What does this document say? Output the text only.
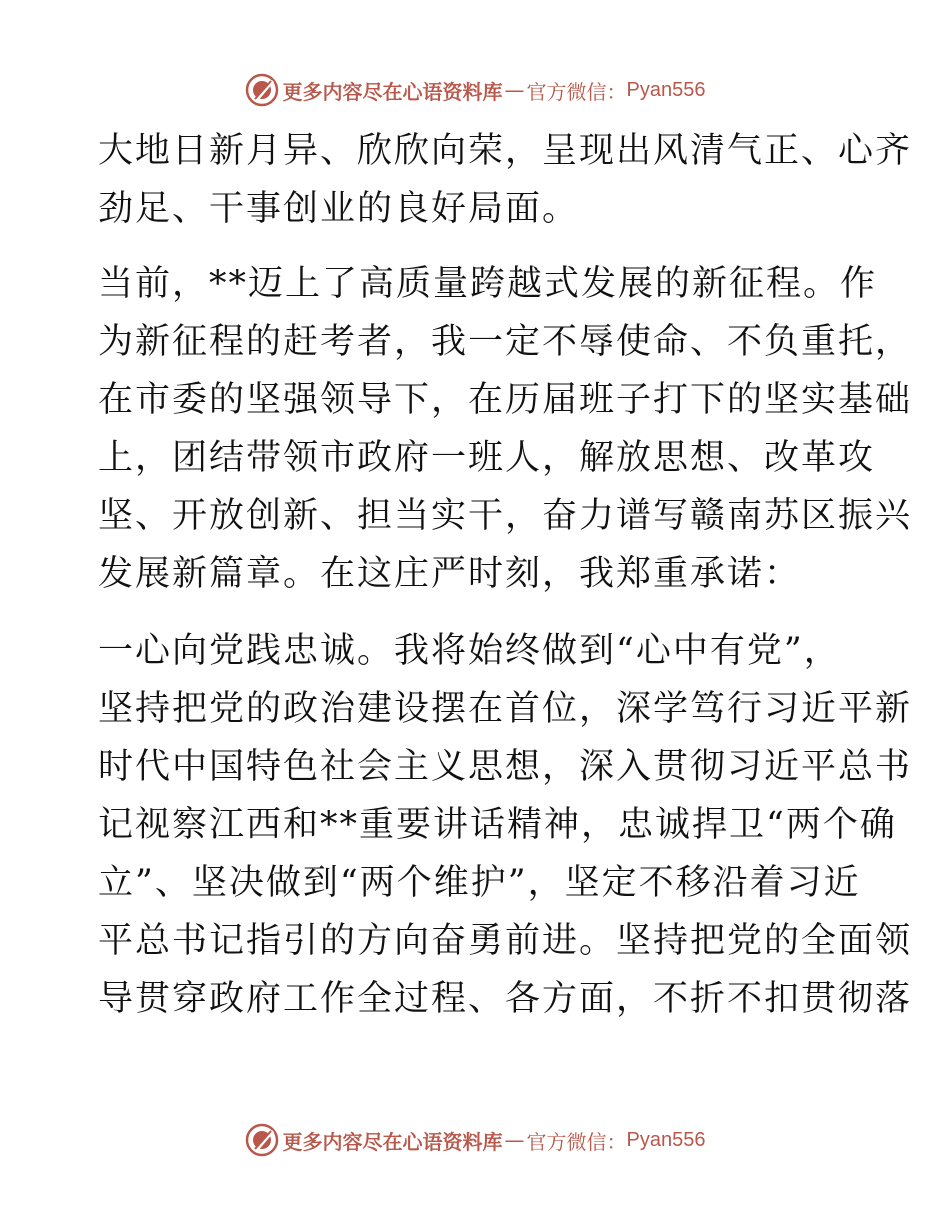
更多内容尽在心语资料库 — 官方微信： Pyan556
大地日新月异、欣欣向荣，呈现出风清气正、心齐
劲足、干事创业的良好局面。
当前，**迈上了高质量跨越式发展的新征程。作
为新征程的赶考者，我一定不辱使命、不负重托，
在市委的坚强领导下，在历届班子打下的坚实基础
上，团结带领市政府一班人，解放思想、改革攻
坚、开放创新、担当实干，奋力谱写赣南苏区振兴
发展新篇章。在这庄严时刻，我郑重承诺：
一心向党践忠诚。我将始终做到“心中有党”，
坚持把党的政治建设摆在首位，深学笃行习近平新
时代中国特色社会主义思想，深入贯彻习近平总书
记视察江西和**重要讲话精神，忠诚捍卫“两个确
立”、坚决做到“两个维护”，坚定不移沿着习近
平总书记指引的方向奋勇前进。坚持把党的全面领
导贯穿政府工作全过程、各方面，不折不扣贯彻落
更多内容尽在心语资料库 — 官方微信： Pyan556
